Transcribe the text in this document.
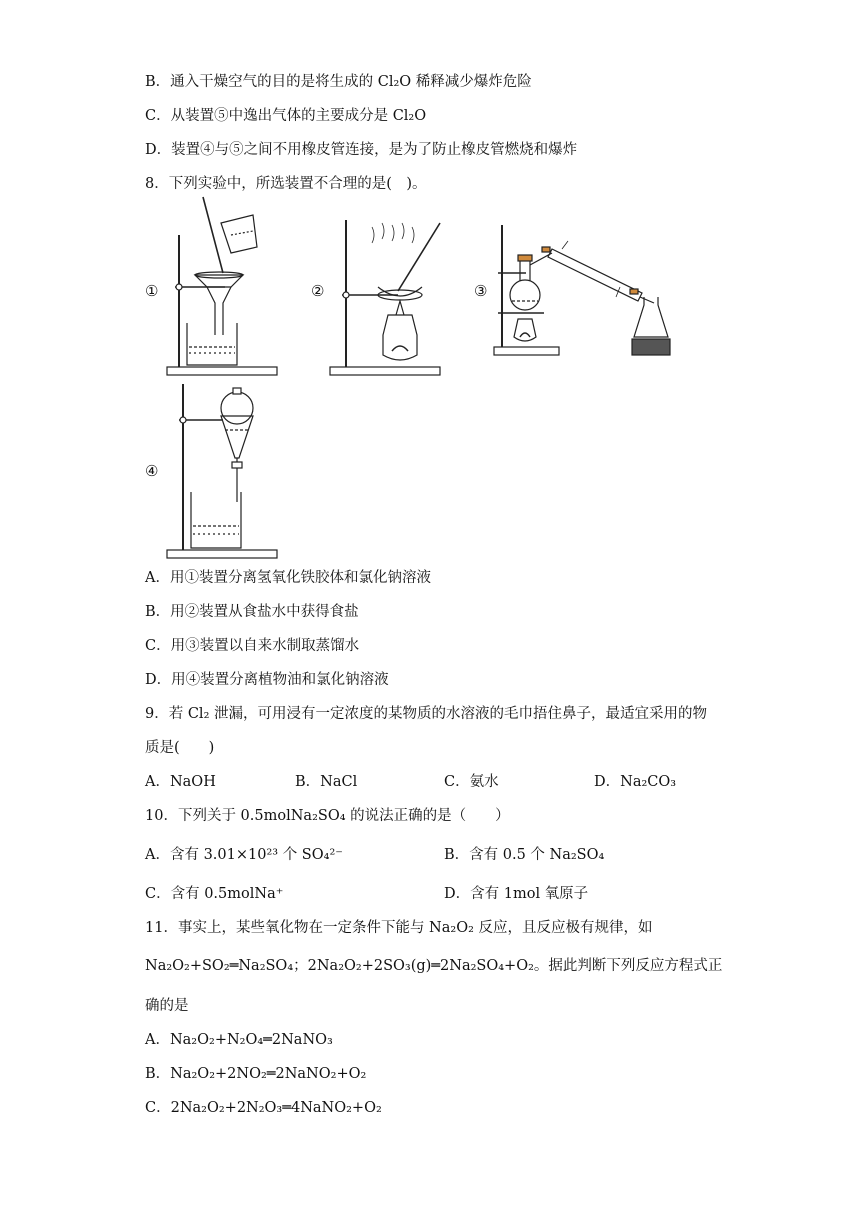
B．通入干燥空气的目的是将生成的 Cl₂O 稀释减少爆炸危险
C．从装置⑤中逸出气体的主要成分是 Cl₂O
D．装置④与⑤之间不用橡皮管连接，是为了防止橡皮管燃烧和爆炸
8．下列实验中，所选装置不合理的是(　)。
①	②	③
④
A．用①装置分离氢氧化铁胶体和氯化钠溶液
B．用②装置从食盐水中获得食盐
C．用③装置以自来水制取蒸馏水
D．用④装置分离植物油和氯化钠溶液
9．若 Cl₂ 泄漏，可用浸有一定浓度的某物质的水溶液的毛巾捂住鼻子，最适宜采用的物
质是(　　)
A．NaOH	B．NaCl	C．氨水	D．Na₂CO₃
10．下列关于 0.5molNa₂SO₄ 的说法正确的是（　　）
A．含有 3.01×10²³ 个 SO₄²⁻	B．含有 0.5 个 Na₂SO₄
C．含有 0.5molNa⁺	D．含有 1mol 氧原子
11．事实上，某些氧化物在一定条件下能与 Na₂O₂ 反应，且反应极有规律，如
Na₂O₂+SO₂═Na₂SO₄；2Na₂O₂+2SO₃(g)═2Na₂SO₄+O₂。据此判断下列反应方程式正
确的是
A．Na₂O₂+N₂O₄═2NaNO₃
B．Na₂O₂+2NO₂═2NaNO₂+O₂
C．2Na₂O₂+2N₂O₃═4NaNO₂+O₂
